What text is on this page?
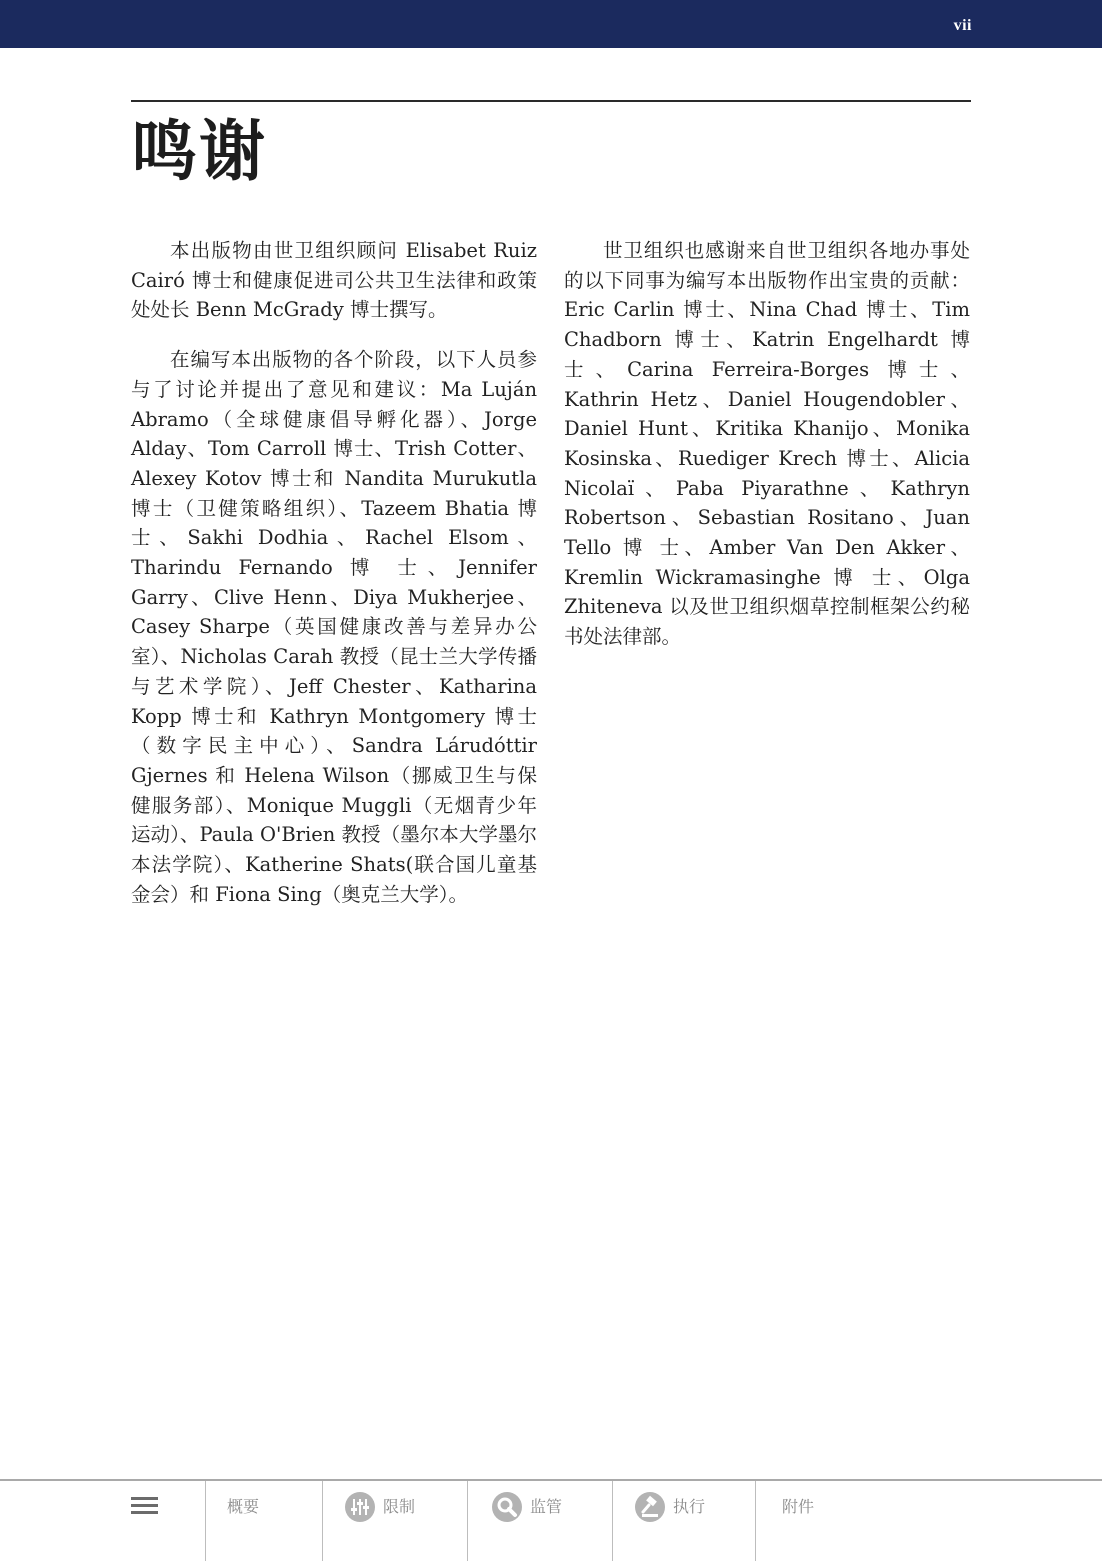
vii
鸣谢

本出版物由世卫组织顾问 Elisabet Ruiz Cairó 博士和健康促进司公共卫生法律和政策处处长 Benn McGrady 博士撰写。

在编写本出版物的各个阶段，以下人员参与了讨论并提出了意见和建议：Ma Luján Abramo（全球健康倡导孵化器）、Jorge Alday、Tom Carroll 博士、Trish Cotter、Alexey Kotov 博士和 Nandita Murukutla 博士（卫健策略组织）、Tazeem Bhatia 博 士、Sakhi Dodhia、Rachel Elsom、Tharindu Fernando 博 士、Jennifer Garry、Clive Henn、Diya Mukherjee、Casey Sharpe（英国健康改善与差异办公室）、Nicholas Carah 教授（昆士兰大学传播与艺术学院）、Jeff Chester、Katharina Kopp 博士和 Kathryn Montgomery 博士（数字民主中心）、Sandra Lárudóttir Gjernes 和 Helena Wilson（挪威卫生与保健服务部）、Monique Muggli（无烟青少年运动）、Paula O'Brien 教授（墨尔本大学墨尔本法学院）、Katherine Shats(联合国儿童基金会）和 Fiona Sing（奥克兰大学）。

世卫组织也感谢来自世卫组织各地办事处的以下同事为编写本出版物作出宝贵的贡献：Eric Carlin 博士、Nina Chad 博士、Tim Chadborn 博士、Katrin Engelhardt 博士、Carina Ferreira-Borges 博士、Kathrin Hetz、Daniel Hougendobler、Daniel Hunt、Kritika Khanijo、Monika Kosinska、Ruediger Krech 博士、Alicia Nicolaï、Paba Piyarathne、Kathryn Robertson、Sebastian Rositano、Juan Tello 博 士、Amber Van Den Akker、Kremlin Wickramasinghe 博 士、Olga Zhiteneva 以及世卫组织烟草控制框架公约秘书处法律部。

概要	限制	监管	执行	附件
